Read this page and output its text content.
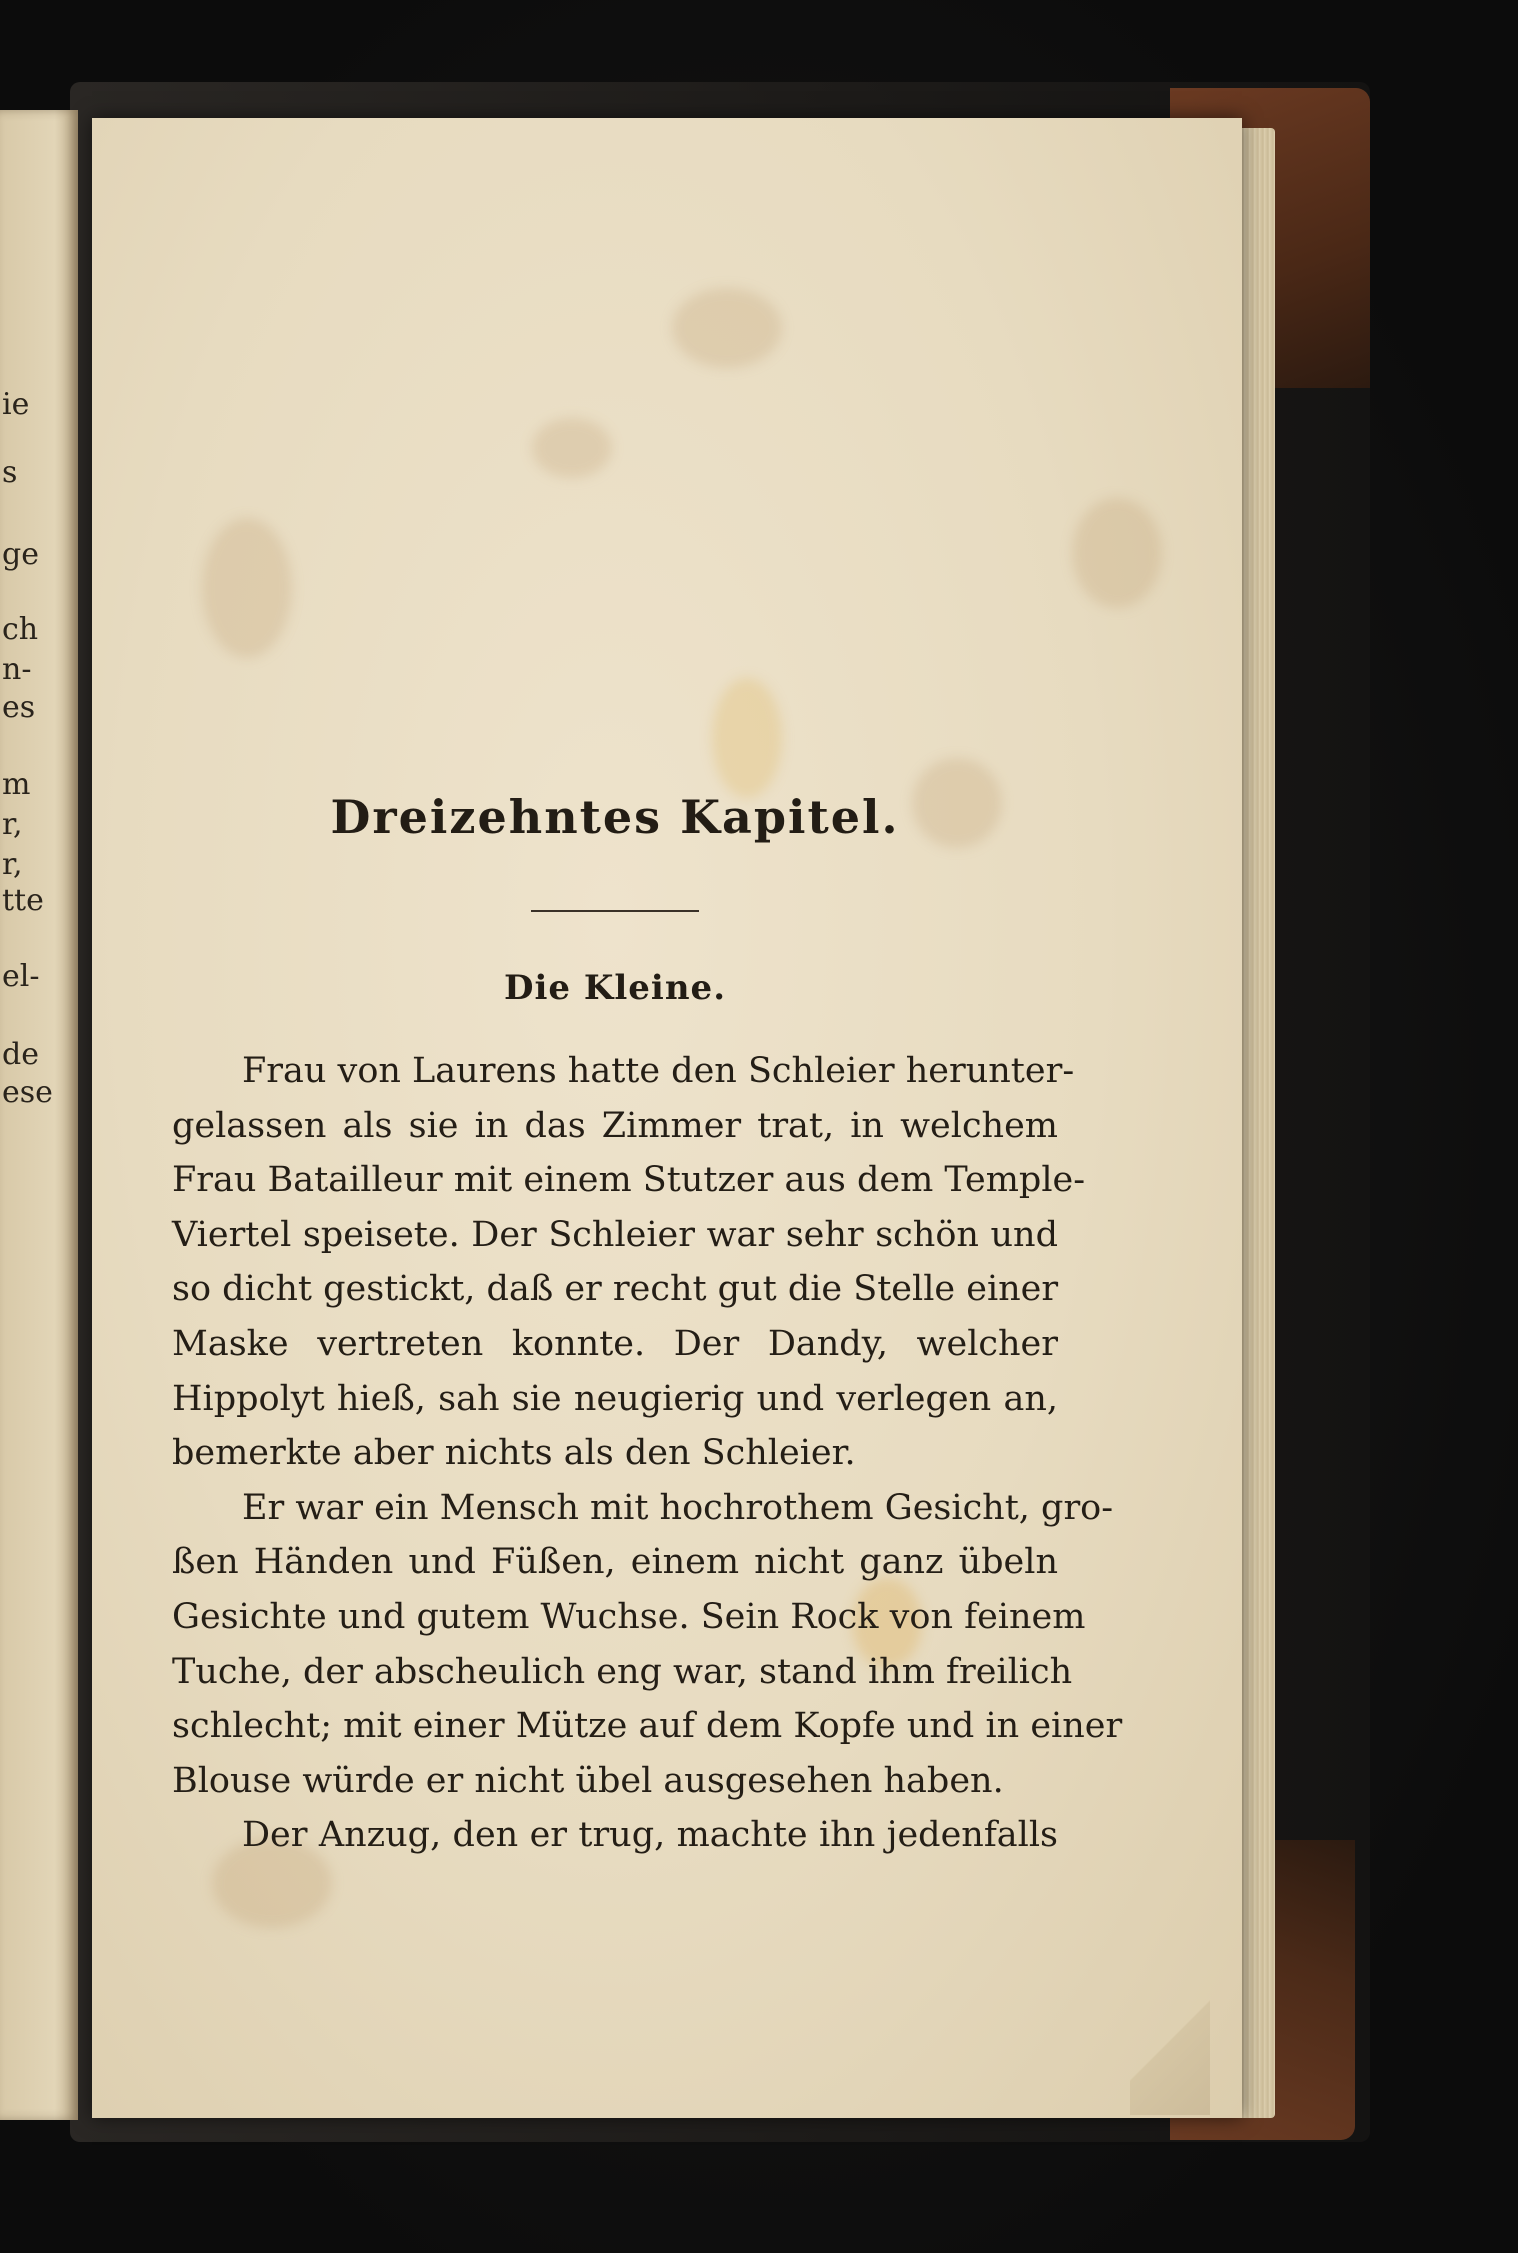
ie
s
ge
ch
n-
es
m
r,
r,
tte
el-
de
ese
Dreizehntes Kapitel.
Die Kleine.
Frau von Laurens hatte den Schleier herunter-
gelassen als sie in das Zimmer trat, in welchem
Frau Batailleur mit einem Stutzer aus dem Temple-
Viertel speisete. Der Schleier war sehr schön und
so dicht gestickt, daß er recht gut die Stelle einer
Maske vertreten konnte. Der Dandy, welcher
Hippolyt hieß, sah sie neugierig und verlegen an,
bemerkte aber nichts als den Schleier.
Er war ein Mensch mit hochrothem Gesicht, gro-
ßen Händen und Füßen, einem nicht ganz übeln
Gesichte und gutem Wuchse. Sein Rock von feinem
Tuche, der abscheulich eng war, stand ihm freilich
schlecht; mit einer Mütze auf dem Kopfe und in einer
Blouse würde er nicht übel ausgesehen haben.
Der Anzug, den er trug, machte ihn jedenfalls
